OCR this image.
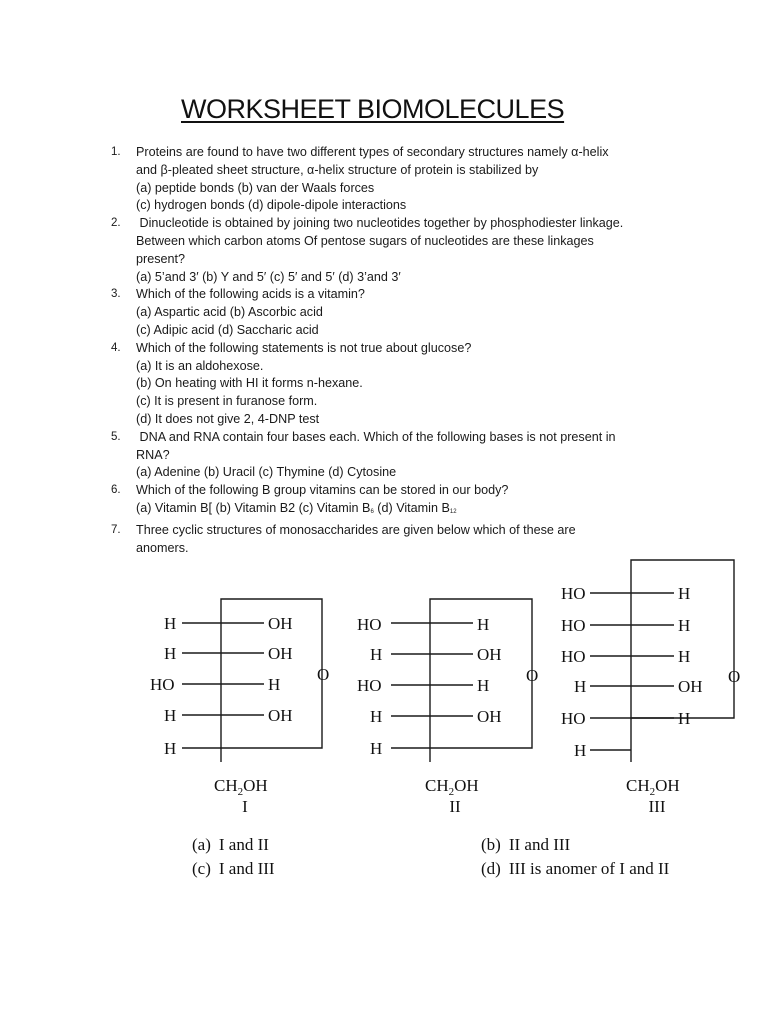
WORKSHEET BIOMOLECULES
1.	Proteins are found to have two different types of secondary structures namely α-helix
and β-pleated sheet structure, α-helix structure of protein is stabilized by
(a) peptide bonds (b) van der Waals forces
(c) hydrogen bonds (d) dipole-dipole interactions
2.	Dinucleotide is obtained by joining two nucleotides together by phosphodiester linkage.
Between which carbon atoms Of pentose sugars of nucleotides are these linkages
present?
(a) 5’and 3′ (b) Y and 5′ (c) 5′ and 5′ (d) 3’and 3′
3.	Which of the following acids is a vitamin?
(a) Aspartic acid (b) Ascorbic acid
(c) Adipic acid (d) Saccharic acid
4.	Which of the following statements is not true about glucose?
(a) It is an aldohexose.
(b) On heating with HI it forms n-hexane.
(c) It is present in furanose form.
(d) It does not give 2, 4-DNP test
5.	DNA and RNA contain four bases each. Which of the following bases is not present in
RNA?
(a) Adenine (b) Uracil (c) Thymine (d) Cytosine
6.	Which of the following B group vitamins can be stored in our body?
(a) Vitamin B[ (b) Vitamin B2 (c) Vitamin $B_6$ (d) Vitamin $B_{12}$
7.	Three cyclic structures of monosaccharides are given below which of these are
anomers.
H	OH
H	OH
HO	H
H	OH
H
O
$CH_2OH$
I
HO	H
H	OH
HO	H
H	OH
H
O
$CH_2OH$
II
HO	H
HO	H
HO	H
H	OH
HO	H
H
O
$CH_2OH$
III
(a) I and II	(b) II and III
(c) I and III	(d) III is anomer of I and II
